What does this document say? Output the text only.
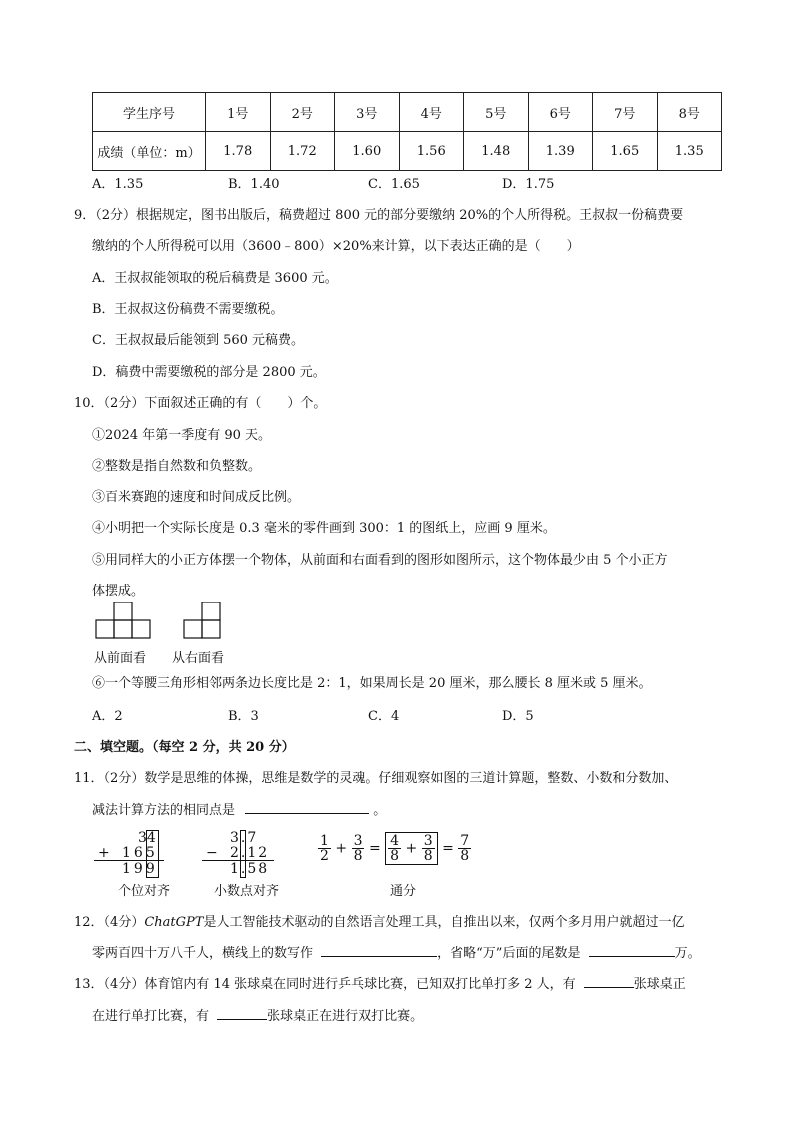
学生序号	1号	2号	3号	4号	5号	6号	7号	8号
成绩（单位：m）	1.78	1.72	1.60	1.56	1.48	1.39	1.65	1.35
A．1.35	B．1.40	C．1.65	D．1.75
9．（2分）根据规定，图书出版后，稿费超过 800 元的部分要缴纳 20%的个人所得税。王叔叔一份稿费要
缴纳的个人所得税可以用（3600﹣800）×20%来计算，以下表达正确的是（　　）
A．王叔叔能领取的税后稿费是 3600 元。
B．王叔叔这份稿费不需要缴税。
C．王叔叔最后能领到 560 元稿费。
D．稿费中需要缴税的部分是 2800 元。
10．（2分）下面叙述正确的有（　　）个。
①2024 年第一季度有 90 天。
②整数是指自然数和负整数。
③百米赛跑的速度和时间成反比例。
④小明把一个实际长度是 0.3 毫米的零件画到 300：1 的图纸上，应画 9 厘米。
⑤用同样大的小正方体摆一个物体，从前面和右面看到的图形如图所示，这个物体最少由 5 个小正方
体摆成。
从前面看 从右面看
⑥一个等腰三角形相邻两条边长度比是 2：1，如果周长是 20 厘米，那么腰长 8 厘米或 5 厘米。
A．2	B．3	C．4	D．5
二、填空题。（每空 2 分，共 20 分）
11．（2分）数学是思维的体操，思维是数学的灵魂。仔细观察如图的三道计算题，整数、小数和分数加、
减法计算方法的相同点是	。
34
+ 165
199
个位对齐
3.7
− 2.12
1.58
小数点对齐
$\frac{1}{2} + \frac{3}{8} = \frac{4}{8} + \frac{3}{8} = \frac{7}{8}$
通分
12．（4分）ChatGPT是人工智能技术驱动的自然语言处理工具，自推出以来，仅两个多月用户就超过一亿
零两百四十万八千人，横线上的数写作	，省略“万”后面的尾数是	万。
13．（4分）体育馆内有 14 张球桌在同时进行乒乓球比赛，已知双打比单打多 2 人，有	张球桌正
在进行单打比赛，有	张球桌正在进行双打比赛。
